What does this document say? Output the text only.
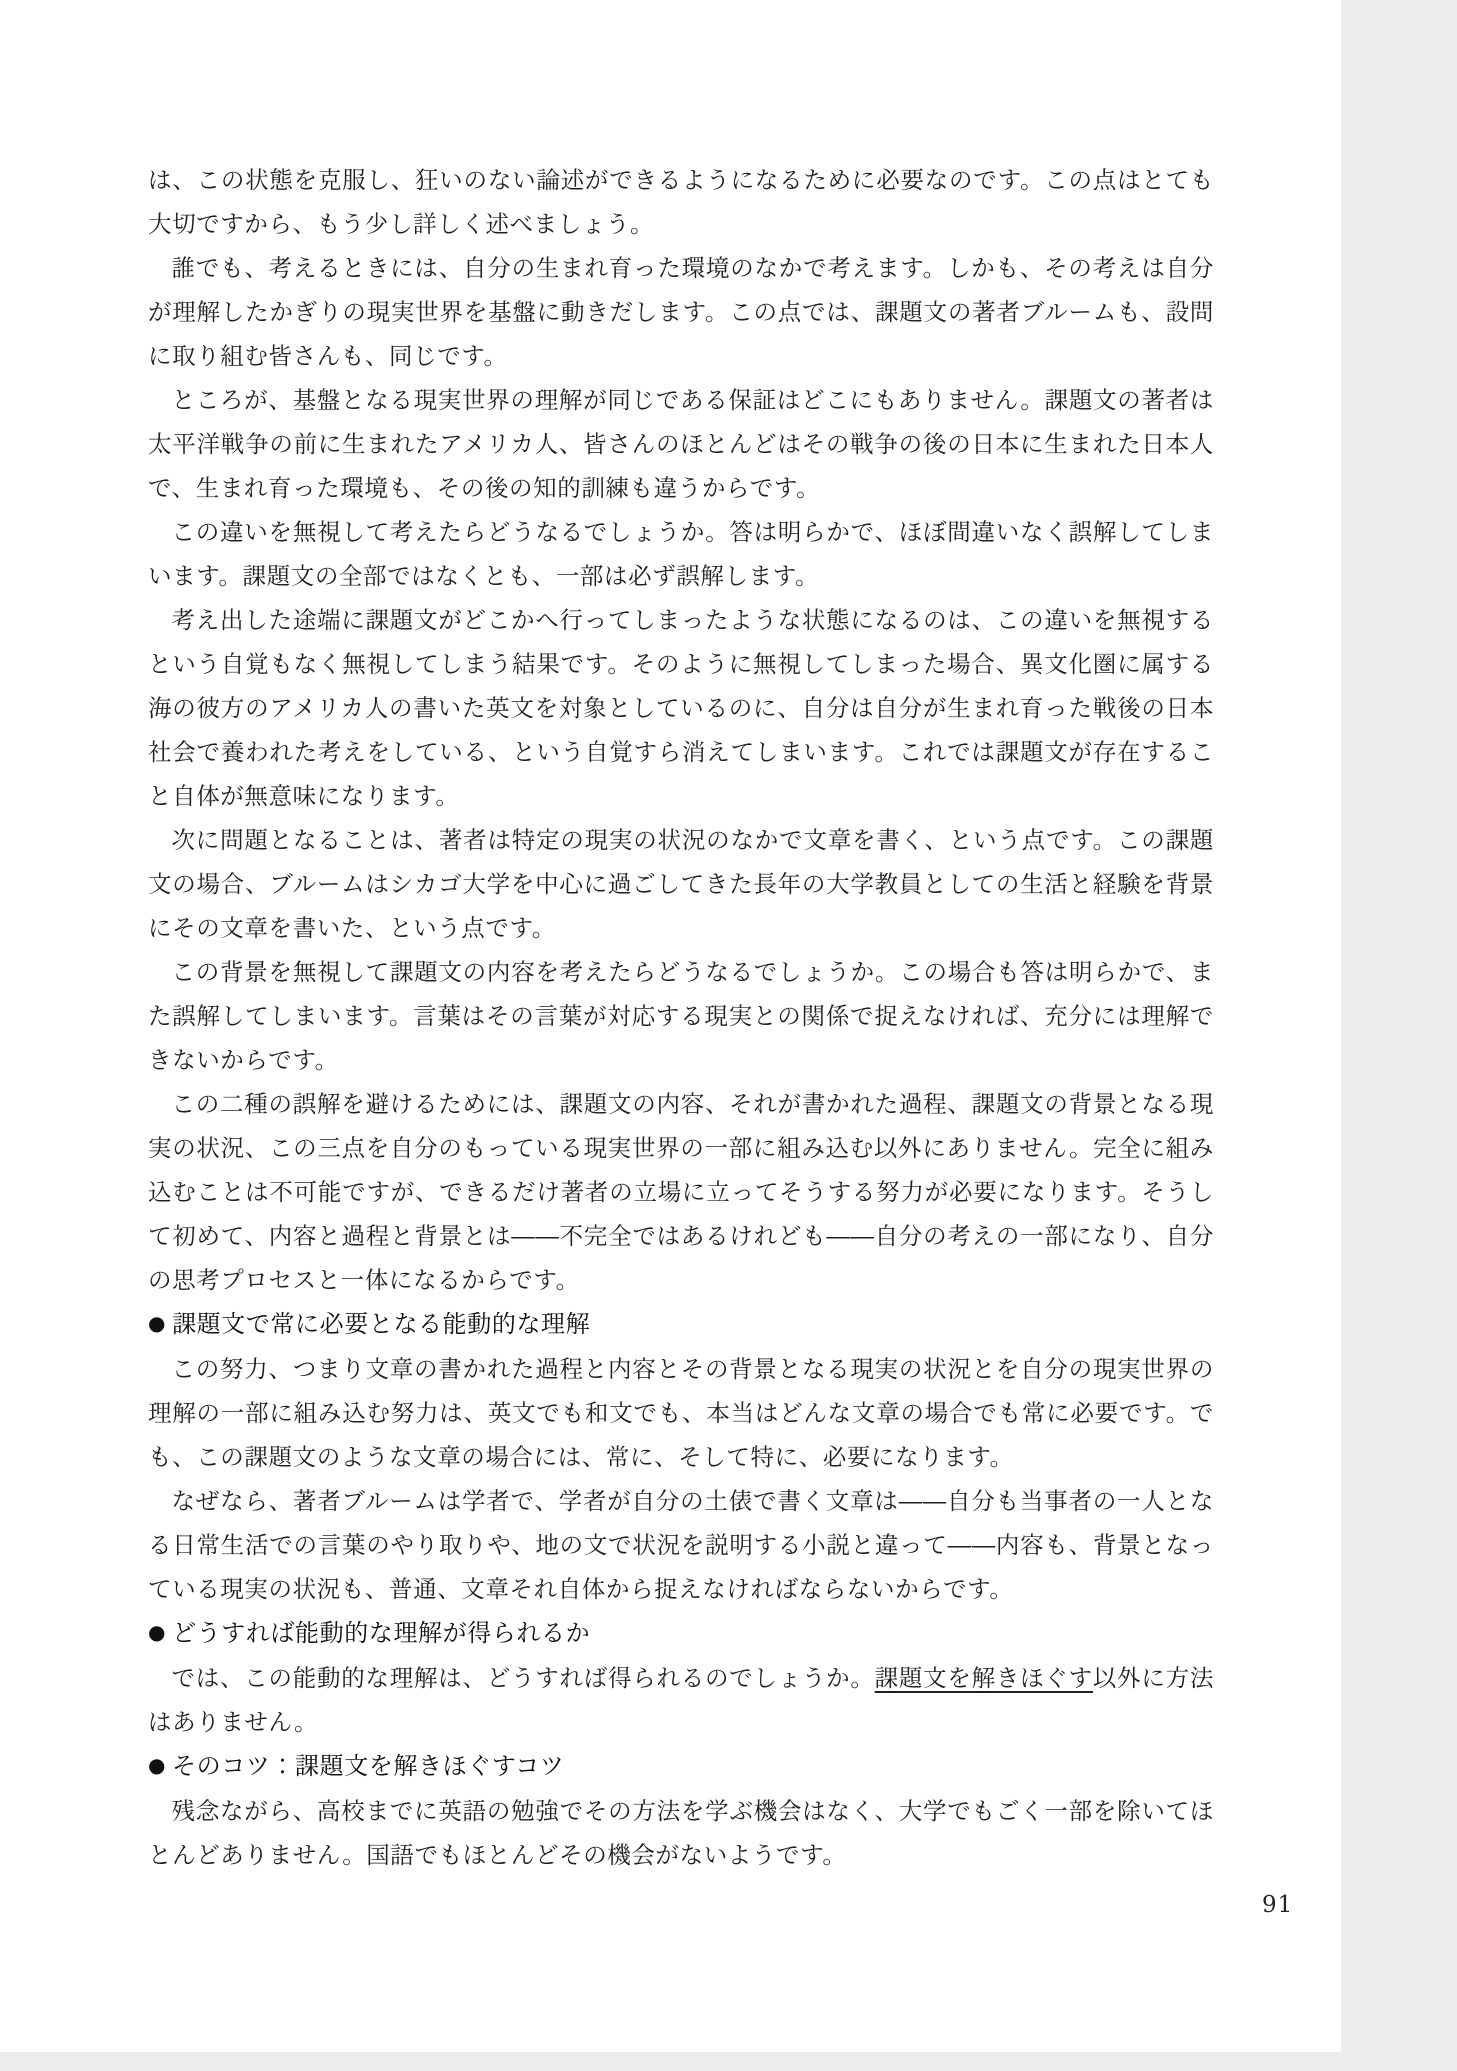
は、この状態を克服し、狂いのない論述ができるようになるために必要なのです。この点はとても大切ですから、もう少し詳しく述べましょう。

誰でも、考えるときには、自分の生まれ育った環境のなかで考えます。しかも、その考えは自分が理解したかぎりの現実世界を基盤に動きだします。この点では、課題文の著者ブルームも、設問に取り組む皆さんも、同じです。

ところが、基盤となる現実世界の理解が同じである保証はどこにもありません。課題文の著者は太平洋戦争の前に生まれたアメリカ人、皆さんのほとんどはその戦争の後の日本に生まれた日本人で、生まれ育った環境も、その後の知的訓練も違うからです。

この違いを無視して考えたらどうなるでしょうか。答は明らかで、ほぼ間違いなく誤解してしまいます。課題文の全部ではなくとも、一部は必ず誤解します。

考え出した途端に課題文がどこかへ行ってしまったような状態になるのは、この違いを無視するという自覚もなく無視してしまう結果です。そのように無視してしまった場合、異文化圏に属する海の彼方のアメリカ人の書いた英文を対象としているのに、自分は自分が生まれ育った戦後の日本社会で養われた考えをしている、という自覚すら消えてしまいます。これでは課題文が存在すること自体が無意味になります。

次に問題となることは、著者は特定の現実の状況のなかで文章を書く、という点です。この課題文の場合、ブルームはシカゴ大学を中心に過ごしてきた長年の大学教員としての生活と経験を背景にその文章を書いた、という点です。

この背景を無視して課題文の内容を考えたらどうなるでしょうか。この場合も答は明らかで、また誤解してしまいます。言葉はその言葉が対応する現実との関係で捉えなければ、充分には理解できないからです。

この二種の誤解を避けるためには、課題文の内容、それが書かれた過程、課題文の背景となる現実の状況、この三点を自分のもっている現実世界の一部に組み込む以外にありません。完全に組み込むことは不可能ですが、できるだけ著者の立場に立ってそうする努力が必要になります。そうして初めて、内容と過程と背景とは――不完全ではあるけれども――自分の考えの一部になり、自分の思考プロセスと一体になるからです。

● 課題文で常に必要となる能動的な理解

この努力、つまり文章の書かれた過程と内容とその背景となる現実の状況とを自分の現実世界の理解の一部に組み込む努力は、英文でも和文でも、本当はどんな文章の場合でも常に必要です。でも、この課題文のような文章の場合には、常に、そして特に、必要になります。

なぜなら、著者ブルームは学者で、学者が自分の土俵で書く文章は――自分も当事者の一人となる日常生活での言葉のやり取りや、地の文で状況を説明する小説と違って――内容も、背景となっている現実の状況も、普通、文章それ自体から捉えなければならないからです。

● どうすれば能動的な理解が得られるか

では、この能動的な理解は、どうすれば得られるのでしょうか。課題文を解きほぐす以外に方法はありません。

● そのコツ：課題文を解きほぐすコツ

残念ながら、高校までに英語の勉強でその方法を学ぶ機会はなく、大学でもごく一部を除いてほとんどありません。国語でもほとんどその機会がないようです。

91
